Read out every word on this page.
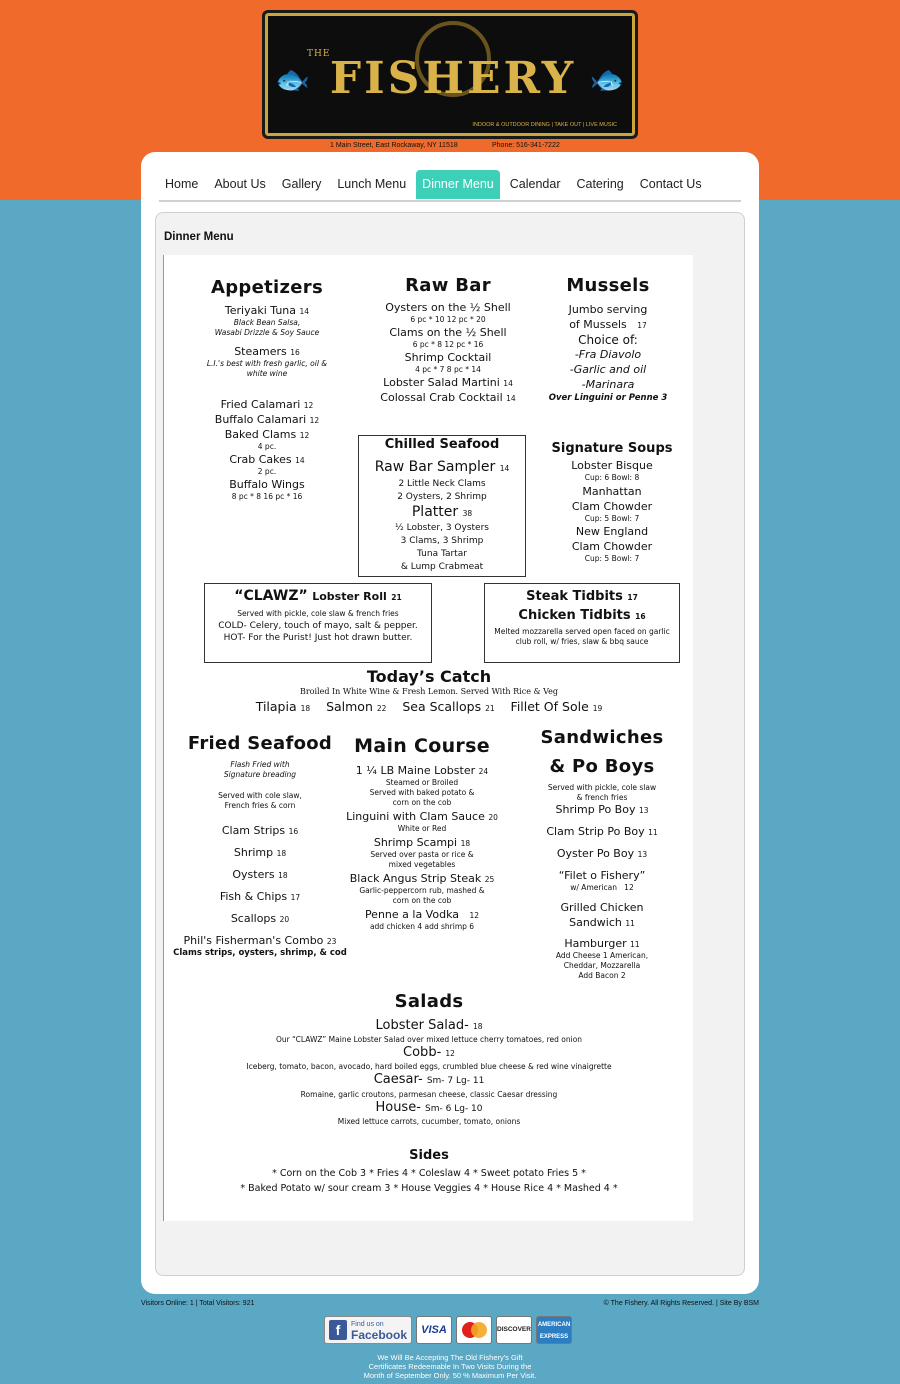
🐟	🐟
THE FISHERY
INDOOR & OUTDOOR DINING | TAKE OUT | LIVE MUSIC
1 Main Street, East Rockaway, NY 11518	Phone: 516-341-7222
Home	About Us	Gallery	Lunch Menu	Dinner Menu	Calendar	Catering	Contact Us
Dinner Menu
Appetizers
Teriyaki Tuna 14
Black Bean Salsa,
Wasabi Drizzle & Soy Sauce
Steamers 16
L.I.'s best with fresh garlic, oil &
white wine
Fried Calamari 12
Buffalo Calamari 12
Baked Clams 12
4 pc.
Crab Cakes 14
2 pc.
Buffalo Wings
8 pc * 8 16 pc * 16
Raw Bar
Oysters on the ½ Shell
6 pc * 10 12 pc * 20
Clams on the ½ Shell
6 pc * 8 12 pc * 16
Shrimp Cocktail
4 pc * 7 8 pc * 14
Lobster Salad Martini 14
Colossal Crab Cocktail 14
Mussels
Jumbo serving
of Mussels 17
Choice of:
-Fra Diavolo
-Garlic and oil
-Marinara
Over Linguini or Penne 3
Chilled Seafood
Raw Bar Sampler 14
2 Little Neck Clams
2 Oysters, 2 Shrimp
Platter 38
½ Lobster, 3 Oysters
3 Clams, 3 Shrimp
Tuna Tartar
& Lump Crabmeat
Signature Soups
Lobster Bisque
Cup: 6 Bowl: 8
Manhattan
Clam Chowder
Cup: 5 Bowl: 7
New England
Clam Chowder
Cup: 5 Bowl: 7
“CLAWZ” Lobster Roll 21
Served with pickle, cole slaw & french fries
COLD- Celery, touch of mayo, salt & pepper.
HOT- For the Purist! Just hot drawn butter.
Steak Tidbits 17
Chicken Tidbits 16
Melted mozzarella served open faced on garlic
club roll, w/ fries, slaw & bbq sauce
Today’s Catch
Broiled In White Wine & Fresh Lemon. Served With Rice & Veg
Tilapia 18 Salmon 22 Sea Scallops 21 Fillet Of Sole 19
Fried Seafood
Flash Fried with
Signature breading
Served with cole slaw,
French fries & corn
Clam Strips 16
Shrimp 18
Oysters 18
Fish & Chips 17
Scallops 20
Phil's Fisherman's Combo 23
Clams strips, oysters, shrimp, & cod
Main Course
1 ¼ LB Maine Lobster 24
Steamed or Broiled
Served with baked potato &
corn on the cob
Linguini with Clam Sauce 20
White or Red
Shrimp Scampi 18
Served over pasta or rice &
mixed vegetables
Black Angus Strip Steak 25
Garlic-peppercorn rub, mashed &
corn on the cob
Penne a la Vodka 12
add chicken 4 add shrimp 6
Sandwiches
& Po Boys
Served with pickle, cole slaw
& french fries
Shrimp Po Boy 13
Clam Strip Po Boy 11
Oyster Po Boy 13
“Filet o Fishery”
w/ American 12
Grilled Chicken
Sandwich 11
Hamburger 11
Add Cheese 1 American,
Cheddar, Mozzarella
Add Bacon 2
Salads
Lobster Salad- 18
Our “CLAWZ” Maine Lobster Salad over mixed lettuce cherry tomatoes, red onion
Cobb- 12
Iceberg, tomato, bacon, avocado, hard boiled eggs, crumbled blue cheese & red wine vinaigrette
Caesar- Sm- 7 Lg- 11
Romaine, garlic croutons, parmesan cheese, classic Caesar dressing
House- Sm- 6 Lg- 10
Mixed lettuce carrots, cucumber, tomato, onions
Sides
* Corn on the Cob 3 * Fries 4 * Coleslaw 4 * Sweet potato Fries 5 *
* Baked Potato w/ sour cream 3 * House Veggies 4 * House Rice 4 * Mashed 4 *
Visitors Online: 1 | Total Visitors: 921	© The Fishery. All Rights Reserved. | Site By BSM
f	Find us on
Facebook	VISA	DISCOVER
AMERICAN
EXPRESS
We Will Be Accepting The Old Fishery's Gift
Certificates Redeemable In Two Visits During the
Month of September Only. 50 % Maximum Per Visit.
